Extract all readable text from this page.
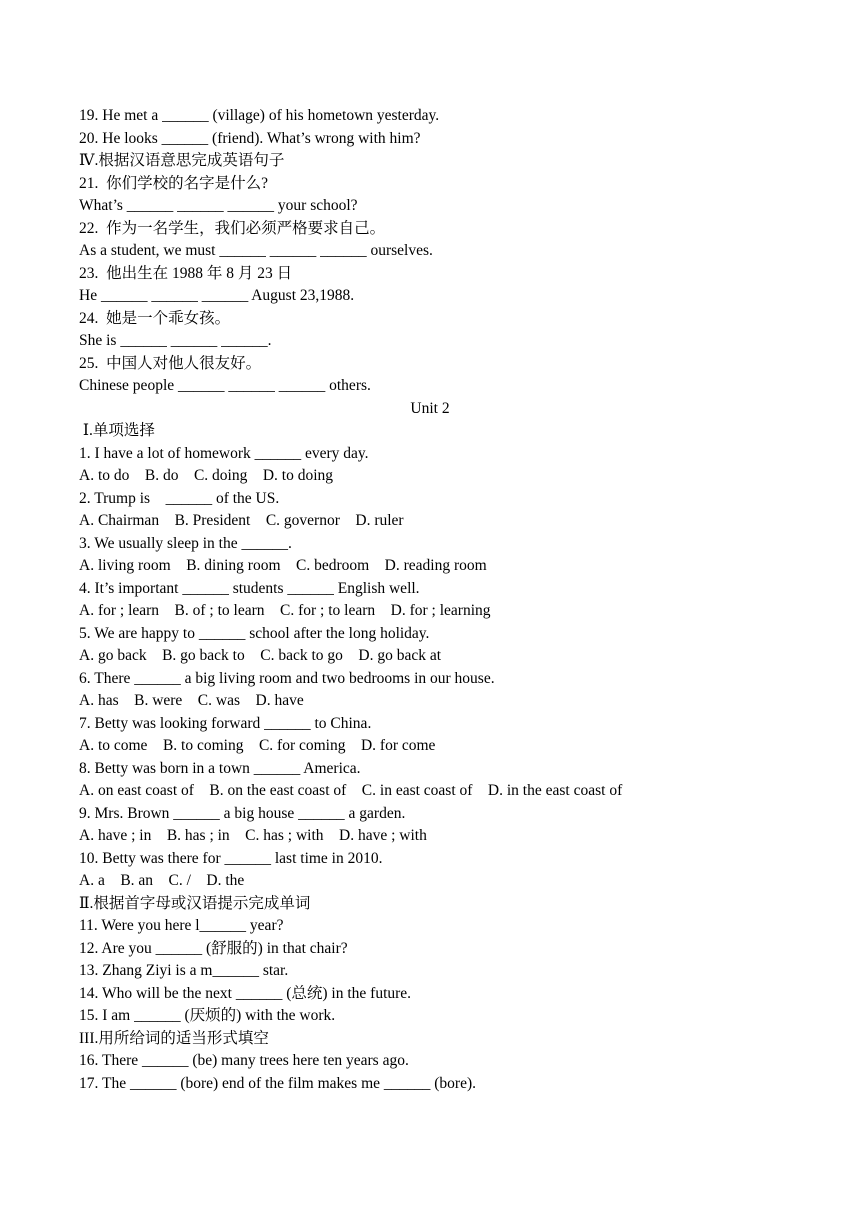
19. He met a ______ (village) of his hometown yesterday.
20. He looks ______ (friend). What’s wrong with him?
Ⅳ.根据汉语意思完成英语句子
21.  你们学校的名字是什么?
What’s ______ ______ ______ your school?
22.  作为一名学生，我们必须严格要求自己。
As a student, we must ______ ______ ______ ourselves.
23.  他出生在 1988 年 8 月 23 日
He ______ ______ ______ August 23,1988.
24.  她是一个乖女孩。
She is ______ ______ ______.
25.  中国人对他人很友好。
Chinese people ______ ______ ______ others.
Unit 2
Ⅰ.单项选择
1. I have a lot of homework ______ every day.
A. to do    B. do    C. doing    D. to doing
2. Trump is    ______ of the US.
A. Chairman    B. President    C. governor    D. ruler
3. We usually sleep in the ______.
A. living room    B. dining room    C. bedroom    D. reading room
4. It’s important ______ students ______ English well.
A. for ; learn    B. of ; to learn    C. for ; to learn    D. for ; learning
5. We are happy to ______ school after the long holiday.
A. go back    B. go back to    C. back to go    D. go back at
6. There ______ a big living room and two bedrooms in our house.
A. has    B. were    C. was    D. have
7. Betty was looking forward ______ to China.
A. to come    B. to coming    C. for coming    D. for come
8. Betty was born in a town ______ America.
A. on east coast of    B. on the east coast of    C. in east coast of    D. in the east coast of
9. Mrs. Brown ______ a big house ______ a garden.
A. have ; in    B. has ; in    C. has ; with    D. have ; with
10. Betty was there for ______ last time in 2010.
A. a    B. an    C. /    D. the
Ⅱ.根据首字母或汉语提示完成单词
11. Were you here l______ year?
12. Are you ______ (舒服的) in that chair?
13. Zhang Ziyi is a m______ star.
14. Who will be the next ______ (总统) in the future.
15. I am ______ (厌烦的) with the work.
III.用所给词的适当形式填空
16. There ______ (be) many trees here ten years ago.
17. The ______ (bore) end of the film makes me ______ (bore).
